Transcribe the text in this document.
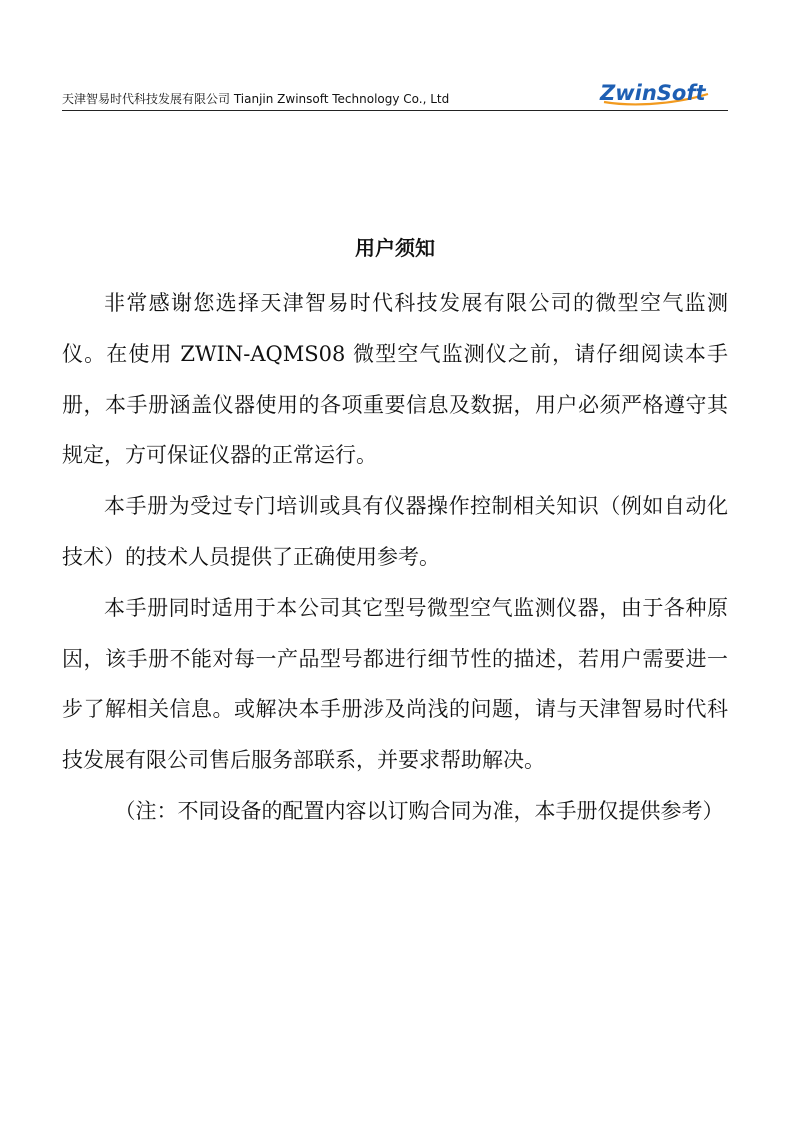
天津智易时代科技发展有限公司 Tianjin Zwinsoft Technology Co., Ltd	ZwinSoft
用户须知

非常感谢您选择天津智易时代科技发展有限公司的微型空气监测仪。在使用 ZWIN-AQMS08 微型空气监测仪之前，请仔细阅读本手册，本手册涵盖仪器使用的各项重要信息及数据，用户必须严格遵守其规定，方可保证仪器的正常运行。

本手册为受过专门培训或具有仪器操作控制相关知识（例如自动化技术）的技术人员提供了正确使用参考。

本手册同时适用于本公司其它型号微型空气监测仪器，由于各种原因，该手册不能对每一产品型号都进行细节性的描述，若用户需要进一步了解相关信息。或解决本手册涉及尚浅的问题，请与天津智易时代科技发展有限公司售后服务部联系，并要求帮助解决。

（注：不同设备的配置内容以订购合同为准，本手册仅提供参考）
